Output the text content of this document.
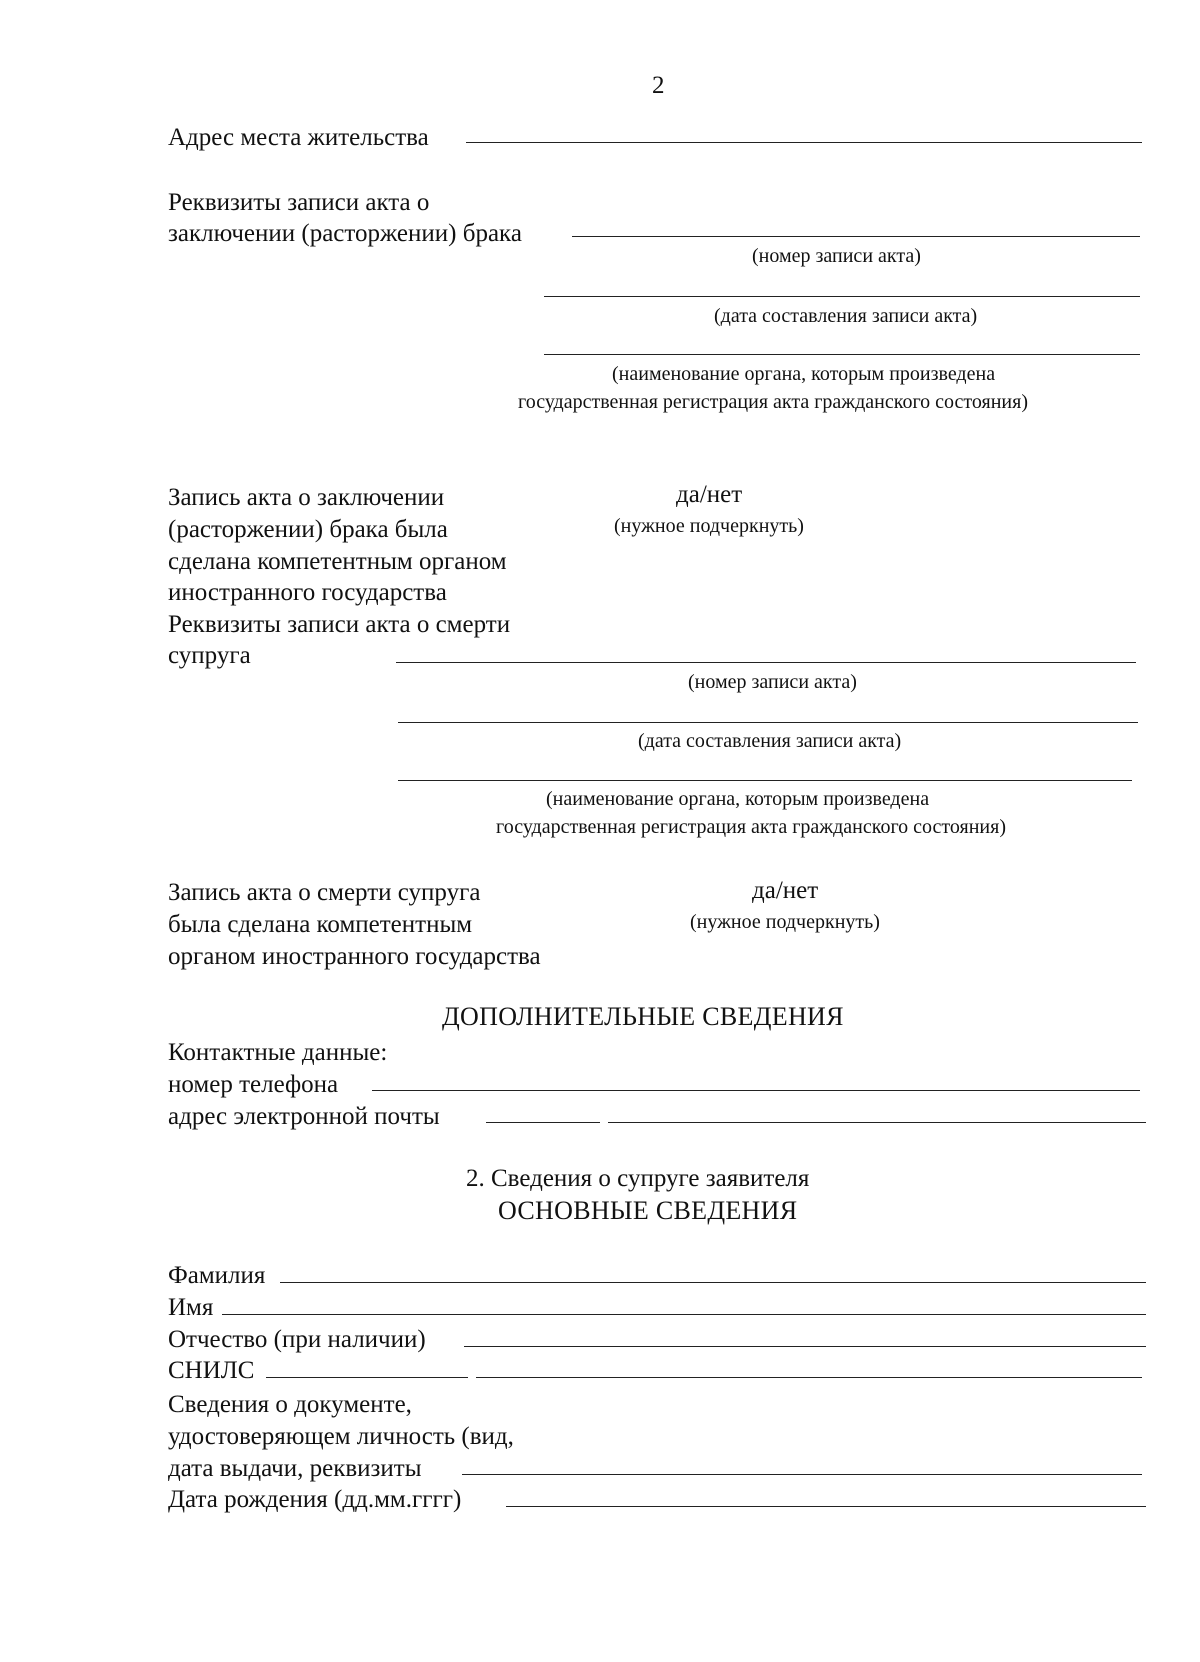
2
Адрес места жительства
Реквизиты записи акта о
заключении (расторжении) брака
(номер записи акта)
(дата составления записи акта)
(наименование органа, которым произведена
государственная регистрация акта гражданского состояния)
Запись акта о заключении
(расторжении) брака была
сделана компетентным органом
иностранного государства
да/нет
(нужное подчеркнуть)
Реквизиты записи акта о смерти
супруга
(номер записи акта)
(дата составления записи акта)
(наименование органа, которым произведена
государственная регистрация акта гражданского состояния)
Запись акта о смерти супруга
была сделана компетентным
органом иностранного государства
да/нет
(нужное подчеркнуть)
ДОПОЛНИТЕЛЬНЫЕ СВЕДЕНИЯ
Контактные данные:
номер телефона
адрес электронной почты
2. Сведения о супруге заявителя
ОСНОВНЫЕ СВЕДЕНИЯ
Фамилия
Имя
Отчество (при наличии)
СНИЛС
Сведения о документе,
удостоверяющем личность (вид,
дата выдачи, реквизиты
Дата рождения (дд.мм.гггг)
